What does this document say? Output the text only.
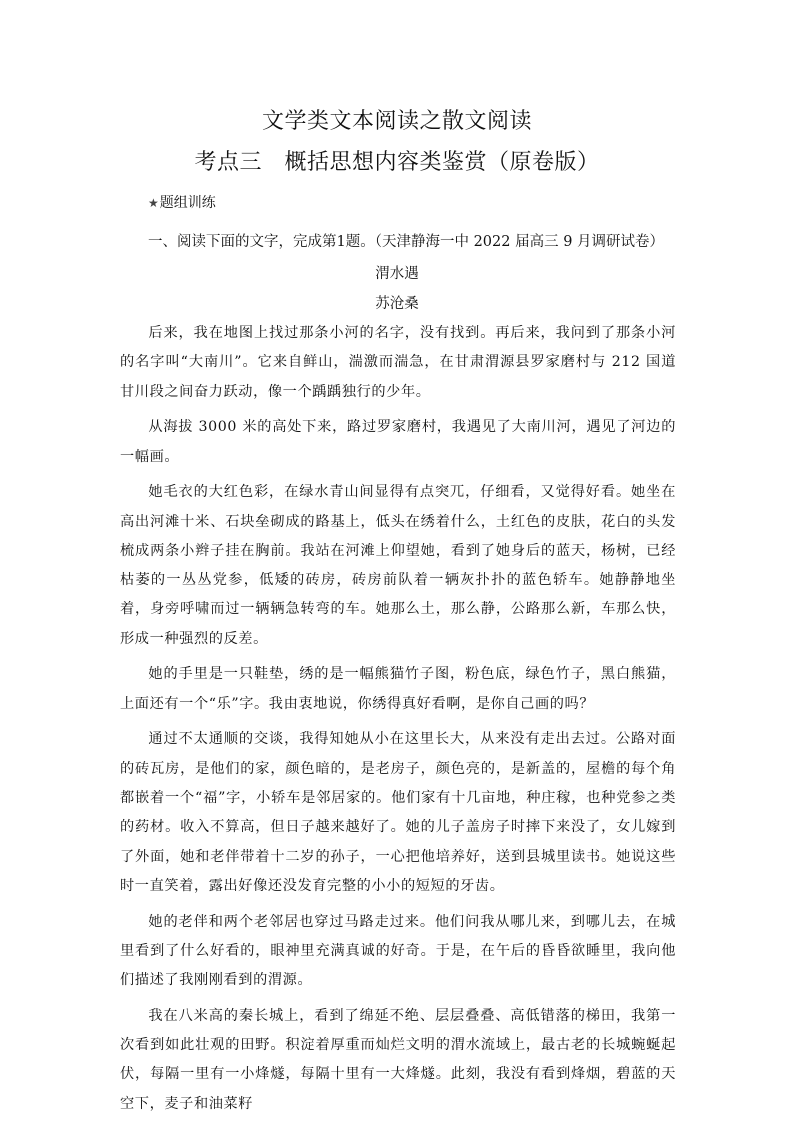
文学类文本阅读之散文阅读
考点三　概括思想内容类鉴赏（原卷版）
★题组训练
一、阅读下面的文字，完成第1题。（天津静海一中 2022 届高三 9 月调研试卷）
渭水遇
苏沧桑

后来，我在地图上找过那条小河的名字，没有找到。再后来，我问到了那条小河的名字叫“大南川”。它来自鲜山，湍激而湍急，在甘肃渭源县罗家磨村与 212 国道甘川段之间奋力跃动，像一个踽踽独行的少年。

从海拔 3000 米的高处下来，路过罗家磨村，我遇见了大南川河，遇见了河边的一幅画。

她毛衣的大红色彩，在绿水青山间显得有点突兀，仔细看，又觉得好看。她坐在高出河滩十米、石块垒砌成的路基上，低头在绣着什么，土红色的皮肤，花白的头发梳成两条小辫子挂在胸前。我站在河滩上仰望她，看到了她身后的蓝天，杨树，已经枯萎的一丛丛党参，低矮的砖房，砖房前队着一辆灰扑扑的蓝色轿车。她静静地坐着，身旁呼啸而过一辆辆急转弯的车。她那么土，那么静，公路那么新，车那么快，形成一种强烈的反差。

她的手里是一只鞋垫，绣的是一幅熊猫竹子图，粉色底，绿色竹子，黑白熊猫，上面还有一个“乐”字。我由衷地说，你绣得真好看啊，是你自己画的吗？

通过不太通顺的交谈，我得知她从小在这里长大，从来没有走出去过。公路对面的砖瓦房，是他们的家，颜色暗的，是老房子，颜色亮的，是新盖的，屋檐的每个角都嵌着一个“福”字，小轿车是邻居家的。他们家有十几亩地，种庄稼，也种党参之类的药材。收入不算高，但日子越来越好了。她的儿子盖房子时摔下来没了，女儿嫁到了外面，她和老伴带着十二岁的孙子，一心把他培养好，送到县城里读书。她说这些时一直笑着，露出好像还没发育完整的小小的短短的牙齿。

她的老伴和两个老邻居也穿过马路走过来。他们问我从哪儿来，到哪儿去，在城里看到了什么好看的，眼神里充满真诚的好奇。于是，在午后的昏昏欲睡里，我向他们描述了我刚刚看到的渭源。

我在八米高的秦长城上，看到了绵延不绝、层层叠叠、高低错落的梯田，我第一次看到如此壮观的田野。积淀着厚重而灿烂文明的渭水流域上，最古老的长城蜿蜒起伏，每隔一里有一小烽燧，每隔十里有一大烽燧。此刻，我没有看到烽烟，碧蓝的天空下，麦子和油菜籽
